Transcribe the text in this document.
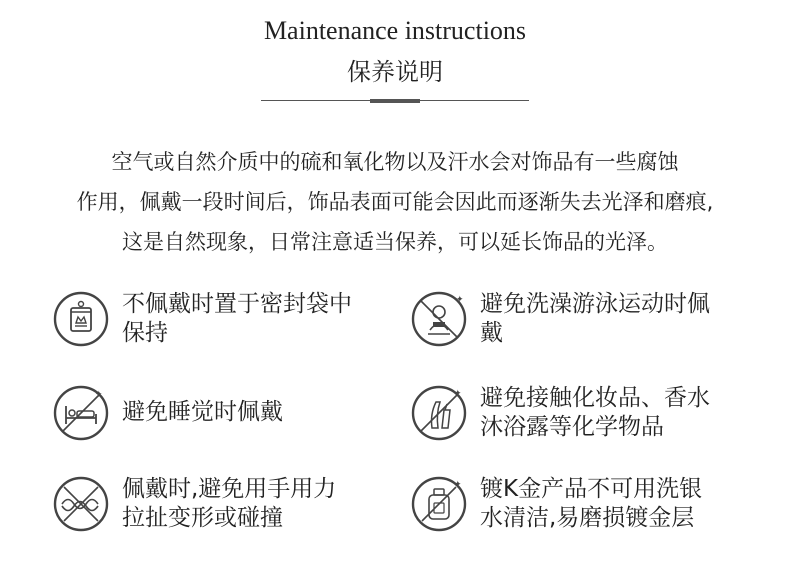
Maintenance instructions
保养说明
空气或自然介质中的硫和氧化物以及汗水会对饰品有一些腐蚀
作用，佩戴一段时间后，饰品表面可能会因此而逐渐失去光泽和磨痕,
这是自然现象，日常注意适当保养，可以延长饰品的光泽。
不佩戴时置于密封袋中
保持
✦ 避免洗澡游泳运动时佩
戴
✦
避免睡觉时佩戴
✦ 避免接触化妆品、香水
沐浴露等化学物品
佩戴时,避免用手用力
拉扯变形或碰撞
✦ 镀K金产品不可用洗银
水清洁,易磨损镀金层
